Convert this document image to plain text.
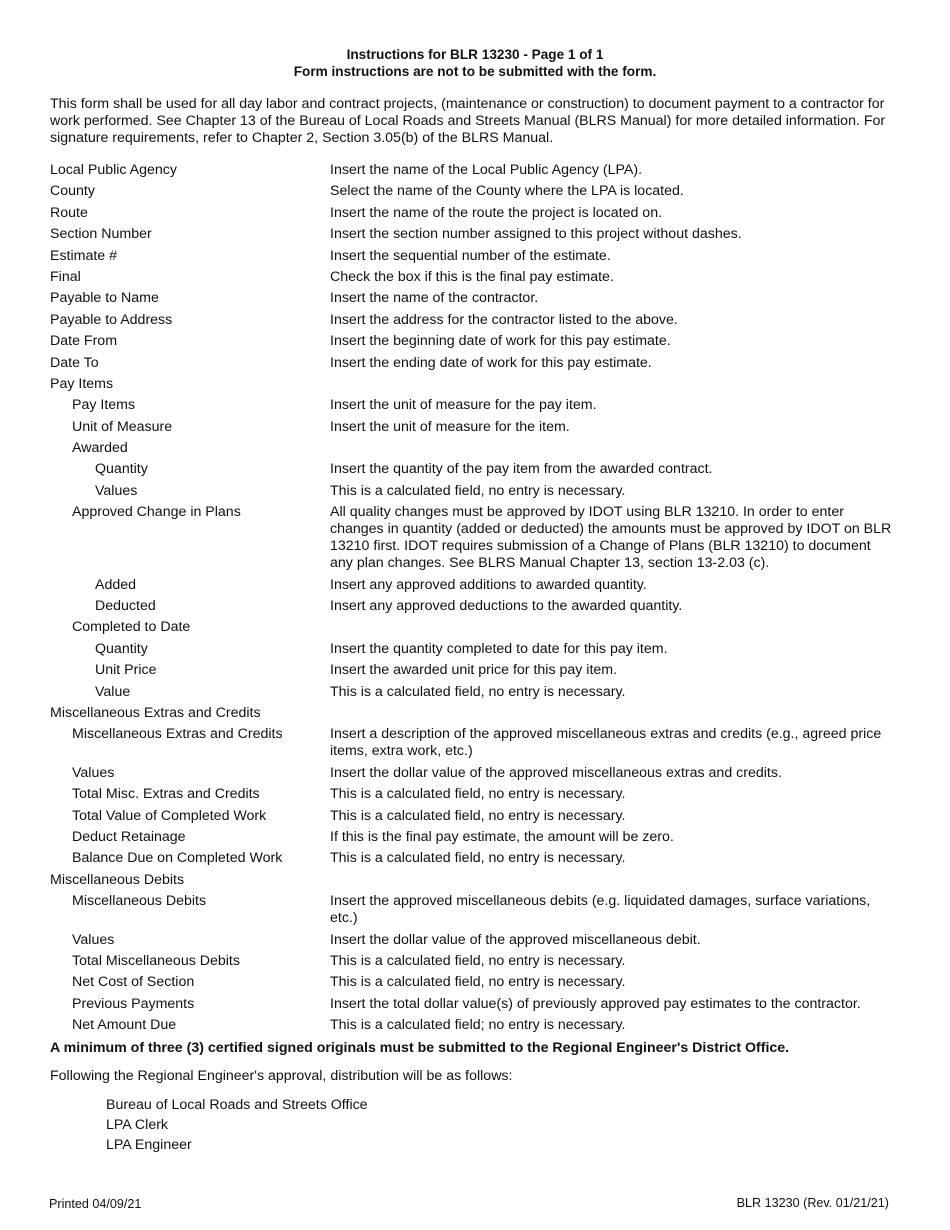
Instructions for BLR 13230 - Page 1 of 1
Form instructions are not to be submitted with the form.
This form shall be used for all day labor and contract projects, (maintenance or construction) to document payment to a contractor for work performed. See Chapter 13 of the Bureau of Local Roads and Streets Manual (BLRS Manual) for more detailed information. For signature requirements, refer to Chapter 2, Section 3.05(b) of the BLRS Manual.
Local Public Agency	Insert the name of the Local Public Agency (LPA).
County	Select the name of the County where the LPA is located.
Route	Insert the name of the route the project is located on.
Section Number	Insert the section number assigned to this project without dashes.
Estimate #	Insert the sequential number of the estimate.
Final	Check the box if this is the final pay estimate.
Payable to Name	Insert the name of the contractor.
Payable to Address	Insert the address for the contractor listed to the above.
Date From	Insert the beginning date of work for this pay estimate.
Date To	Insert the ending date of work for this pay estimate.
Pay Items
Pay Items	Insert the unit of measure for the pay item.
Unit of Measure	Insert the unit of measure for the item.
Awarded
Quantity	Insert the quantity of the pay item from the awarded contract.
Values	This is a calculated field, no entry is necessary.
Approved Change in Plans	All quality changes must be approved by IDOT using BLR 13210. In order to enter changes in quantity (added or deducted) the amounts must be approved by IDOT on BLR 13210 first. IDOT requires submission of a Change of Plans (BLR 13210) to document any plan changes. See BLRS Manual Chapter 13, section 13-2.03 (c).
Added	Insert any approved additions to awarded quantity.
Deducted	Insert any approved deductions to the awarded quantity.
Completed to Date
Quantity	Insert the quantity completed to date for this pay item.
Unit Price	Insert the awarded unit price for this pay item.
Value	This is a calculated field, no entry is necessary.
Miscellaneous Extras and Credits
Miscellaneous Extras and Credits	Insert a description of the approved miscellaneous extras and credits (e.g., agreed price items, extra work, etc.)
Values	Insert the dollar value of the approved miscellaneous extras and credits.
Total Misc. Extras and Credits	This is a calculated field, no entry is necessary.
Total Value of Completed Work	This is a calculated field, no entry is necessary.
Deduct Retainage	If this is the final pay estimate, the amount will be zero.
Balance Due on Completed Work	This is a calculated field, no entry is necessary.
Miscellaneous Debits
Miscellaneous Debits	Insert the approved miscellaneous debits (e.g. liquidated damages, surface variations, etc.)
Values	Insert the dollar value of the approved miscellaneous debit.
Total Miscellaneous Debits	This is a calculated field, no entry is necessary.
Net Cost of Section	This is a calculated field, no entry is necessary.
Previous Payments	Insert the total dollar value(s) of previously approved pay estimates to the contractor.
Net Amount Due	This is a calculated field; no entry is necessary.
A minimum of three (3) certified signed originals must be submitted to the Regional Engineer's District Office.
Following the Regional Engineer's approval, distribution will be as follows:
Bureau of Local Roads and Streets Office
LPA Clerk
LPA Engineer
Printed 04/09/21	BLR 13230 (Rev. 01/21/21)
